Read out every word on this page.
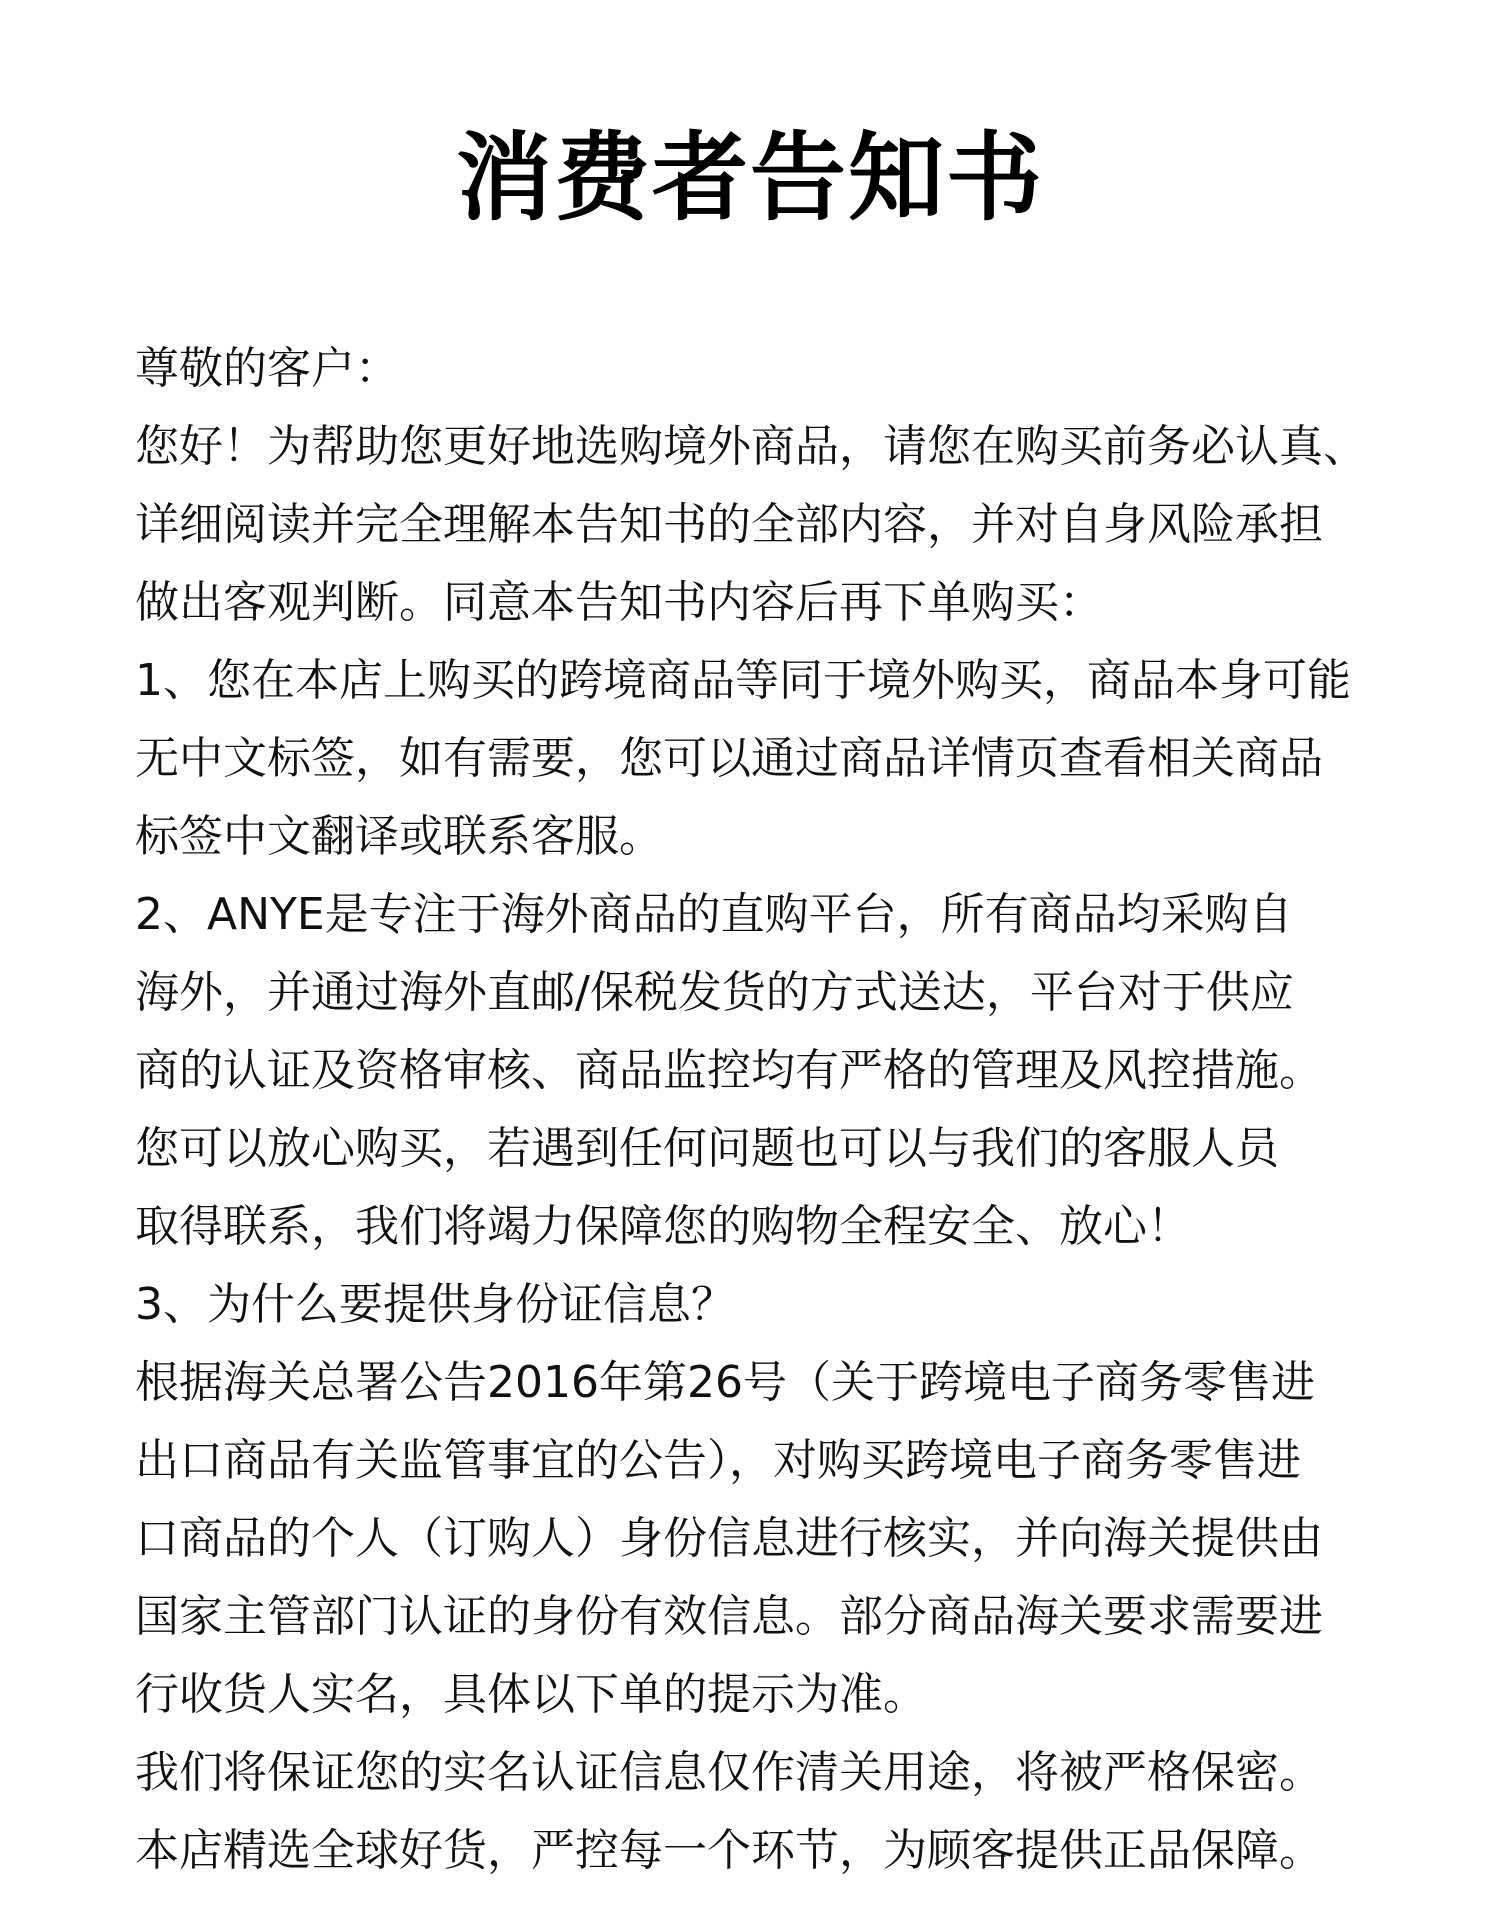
消费者告知书
尊敬的客户：
您好！为帮助您更好地选购境外商品，请您在购买前务必认真、
详细阅读并完全理解本告知书的全部内容，并对自身风险承担
做出客观判断。同意本告知书内容后再下单购买：
1、您在本店上购买的跨境商品等同于境外购买，商品本身可能
无中文标签，如有需要，您可以通过商品详情页查看相关商品
标签中文翻译或联系客服。
2、ANYE是专注于海外商品的直购平台，所有商品均采购自
海外，并通过海外直邮/保税发货的方式送达，平台对于供应
商的认证及资格审核、商品监控均有严格的管理及风控措施。
您可以放心购买，若遇到任何问题也可以与我们的客服人员
取得联系，我们将竭力保障您的购物全程安全、放心！
3、为什么要提供身份证信息？
根据海关总署公告2016年第26号（关于跨境电子商务零售进
出口商品有关监管事宜的公告），对购买跨境电子商务零售进
口商品的个人（订购人）身份信息进行核实，并向海关提供由
国家主管部门认证的身份有效信息。部分商品海关要求需要进
行收货人实名，具体以下单的提示为准。
我们将保证您的实名认证信息仅作清关用途，将被严格保密。
本店精选全球好货，严控每一个环节，为顾客提供正品保障。
